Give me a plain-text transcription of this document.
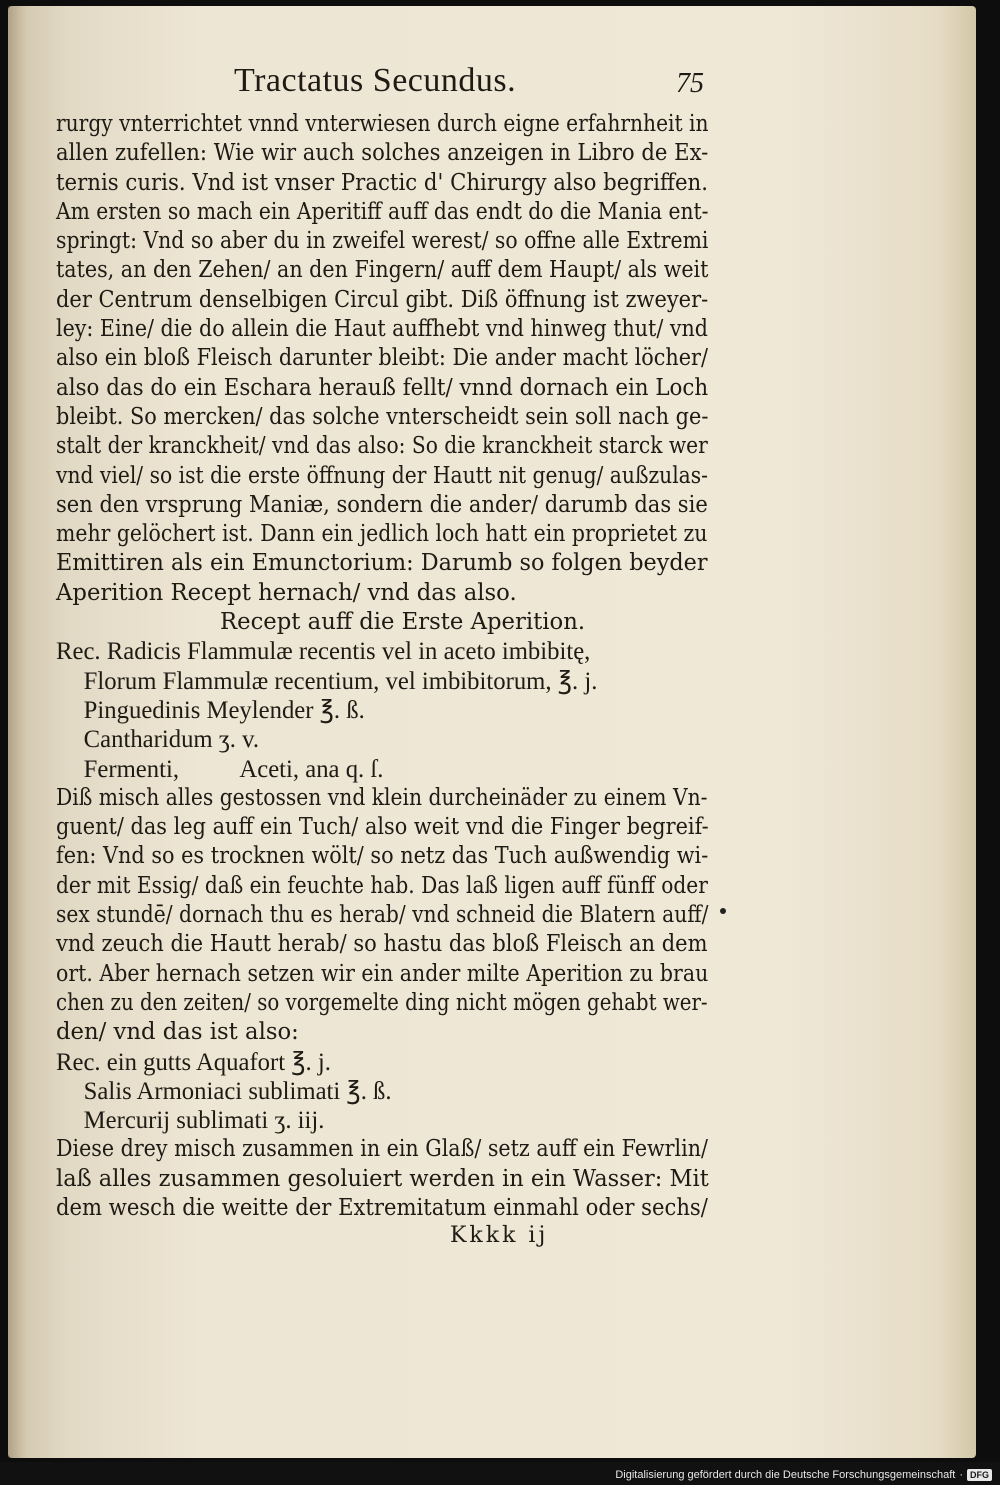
Tractatus Secundus.	75
rurgy vnterrichtet vnnd vnterwiesen durch eigne erfahrnheit in
allen zufellen: Wie wir auch solches anzeigen in Libro de Ex-
ternis curis. Vnd ist vnser Practic d' Chirurgy also begriffen.
Am ersten so mach ein Aperitiff auff das endt do die Mania ent-
springt: Vnd so aber du in zweifel werest/ so offne alle Extremi
tates, an den Zehen/ an den Fingern/ auff dem Haupt/ als weit
der Centrum denselbigen Circul gibt. Diß öffnung ist zweyer-
ley: Eine/ die do allein die Haut auffhebt vnd hinweg thut/ vnd
also ein bloß Fleisch darunter bleibt: Die ander macht löcher/
also das do ein Eschara herauß fellt/ vnnd dornach ein Loch
bleibt. So mercken/ das solche vnterscheidt sein soll nach ge-
stalt der kranckheit/ vnd das also: So die kranckheit starck wer
vnd viel/ so ist die erste öffnung der Hautt nit genug/ außzulas-
sen den vrsprung Maniæ, sondern die ander/ darumb das sie
mehr gelöchert ist. Dann ein jedlich loch hatt ein proprietet zu
Emittiren als ein Emunctorium: Darumb so folgen beyder
Aperition Recept hernach/ vnd das also.
Recept auff die Erste Aperition.
Rec. Radicis Flammulæ recentis vel in aceto imbibitę,
Florum Flammulæ recentium, vel imbibitorum, ℥. j.
Pinguedinis Meylender ℥. ß.
Cantharidum ʒ. v.
Fermenti,          Aceti, ana q. ſ.
Diß misch alles gestossen vnd klein durcheinäder zu einem Vn-
guent/ das leg auff ein Tuch/ also weit vnd die Finger begreif-
fen: Vnd so es trocknen wölt/ so netz das Tuch außwendig wi-
der mit Essig/ daß ein feuchte hab. Das laß ligen auff fünff oder
sex stundē/ dornach thu es herab/ vnd schneid die Blatern auff/
vnd zeuch die Hautt herab/ so hastu das bloß Fleisch an dem
ort. Aber hernach setzen wir ein ander milte Aperition zu brau
chen zu den zeiten/ so vorgemelte ding nicht mögen gehabt wer-
den/ vnd das ist also:
Rec. ein gutts Aquafort ℥. j.
Salis Armoniaci sublimati ℥. ß.
Mercurij sublimati ʒ. iij.
Diese drey misch zusammen in ein Glaß/ setz auff ein Fewrlin/
laß alles zusammen gesoluiert werden in ein Wasser: Mit
dem wesch die weitte der Extremitatum einmahl oder sechs/
Kkkk ij
Digitalisierung gefördert durch die Deutsche Forschungsgemeinschaft · DFG
